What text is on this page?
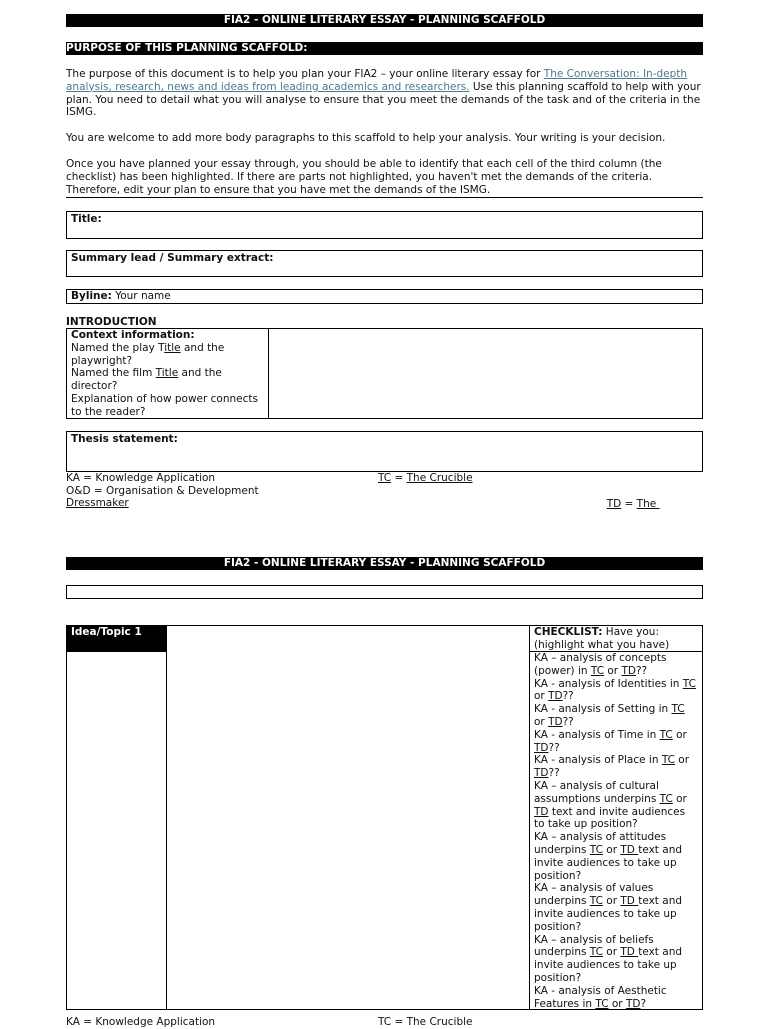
FIA2 - ONLINE LITERARY ESSAY - PLANNING SCAFFOLD
PURPOSE OF THIS PLANNING SCAFFOLD:
The purpose of this document is to help you plan your FIA2 – your online literary essay for The Conversation: In-depth analysis, research, news and ideas from leading academics and researchers. Use this planning scaffold to help with your plan. You need to detail what you will analyse to ensure that you meet the demands of the task and of the criteria in the ISMG.
You are welcome to add more body paragraphs to this scaffold to help your analysis. Your writing is your decision.
Once you have planned your essay through, you should be able to identify that each cell of the third column (the checklist) has been highlighted. If there are parts not highlighted, you haven't met the demands of the criteria. Therefore, edit your plan to ensure that you have met the demands of the ISMG.
Title:
Summary lead / Summary extract:
Byline: Your name
INTRODUCTION
Context information:
Named the play Title and the playwright?
Named the film Title and the director?
Explanation of how power connects to the reader?
Thesis statement:
KA = Knowledge Application	TC = The Crucible
O&D = Organisation & Development

TD = The

Dressmaker
FIA2 - ONLINE LITERARY ESSAY - PLANNING SCAFFOLD
Idea/Topic 1	CHECKLIST: Have you: (highlight what you have)
KA – analysis of concepts (power) in TC or TD??
KA - analysis of Identities in TC or TD??
KA - analysis of Setting in TC or TD??
KA - analysis of Time in TC or TD??
KA - analysis of Place in TC or TD??
KA – analysis of cultural assumptions underpins TC or TD text and invite audiences to take up position?
KA – analysis of attitudes underpins TC or TD text and invite audiences to take up position?
KA – analysis of values underpins TC or TD text and invite audiences to take up position?
KA – analysis of beliefs underpins TC or TD text and invite audiences to take up position?
KA - analysis of Aesthetic Features in TC or TD?
KA = Knowledge Application	TC = The Crucible
